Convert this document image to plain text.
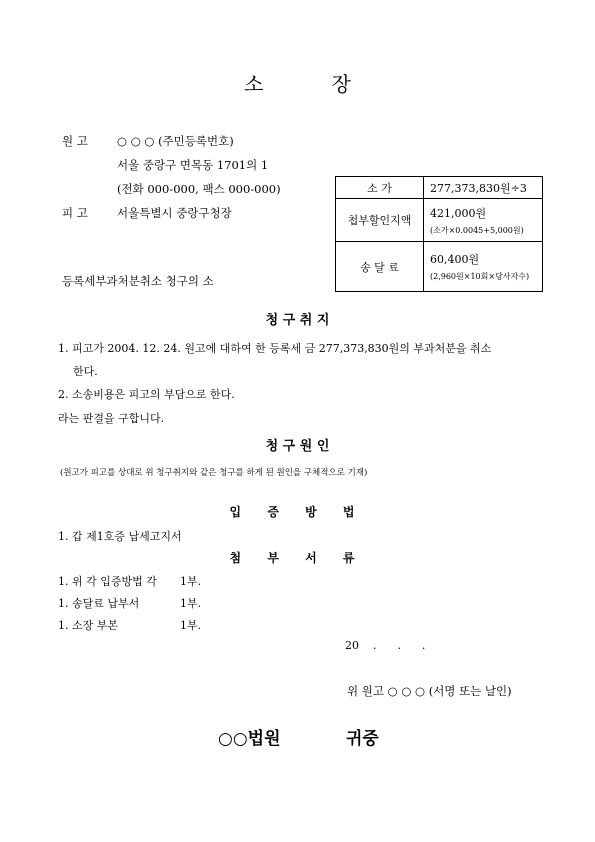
소	장
원 고	○ ○ ○ (주민등록번호)
서울 중랑구 면목동 1701의 1
(전화 000-000, 팩스 000-000)
피 고	서울특별시 중랑구청장
소 가	277,373,830원÷3
첩부할인지액	421,000원
(소가×0.0045+5,000원)

송 달 료	60,400원
(2,960원×10회×당사자수)
등록세부과처분취소 청구의 소
청 구 취 지
1. 피고가 2004. 12. 24. 원고에 대하여 한 등록세 금 277,373,830원의 부과처분을 취소
한다.
2. 소송비용은 피고의 부담으로 한다.
라는 판결을 구합니다.
청 구 원 인
(원고가 피고를 상대로 위 청구취지와 같은 청구를 하게 된 원인을 구체적으로 기재)
입 증 방 법
1. 갑 제1호증 납세고지서
첨 부 서 류
1. 위 각 입증방법 각 1부.
1. 송달료 납부서	1부.
1. 소장 부본	1부.
20    .      .      .
위 원고 ○ ○ ○ (서명 또는 날인)
○○법원	귀중
